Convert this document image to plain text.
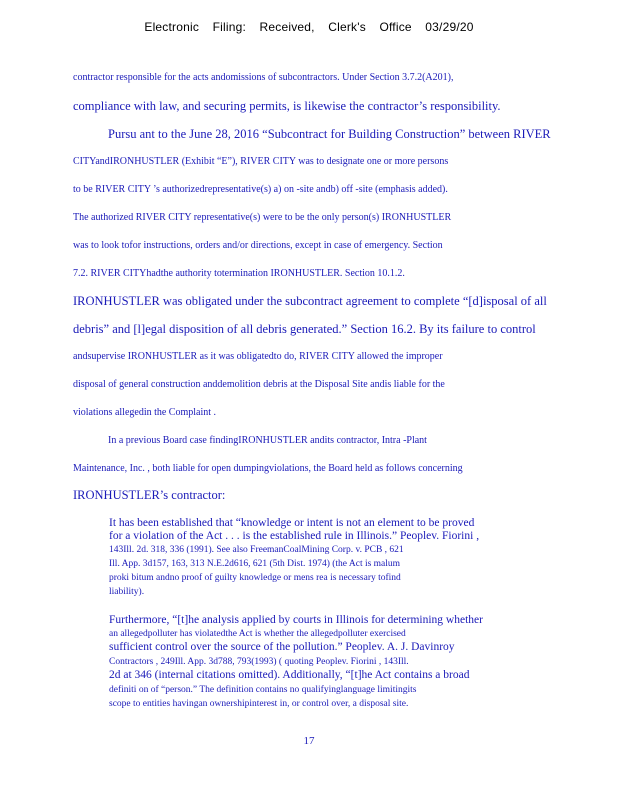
Electronic Filing: Received, Clerk's Office 03/29/20
contractor responsible for the acts andomissions of subcontractors. Under Section 3.7.2(A201),
compliance with law, and securing permits, is likewise the contractor’s responsibility.
Pursu ant to the June 28, 2016 “Subcontract for Building Construction” between RIVER
CITYandIRONHUSTLER (Exhibit “E”), RIVER CITY was to designate one or more persons
to be RIVER CITY ’s authorizedrepresentative(s) a) on -site andb) off -site (emphasis added).
The authorized RIVER CITY representative(s) were to be the only person(s) IRONHUSTLER
was to look tofor instructions, orders and/or directions, except in case of emergency. Section
7.2. RIVER CITYhadthe authority totermination IRONHUSTLER. Section 10.1.2.
IRONHUSTLER was obligated under the subcontract agreement to complete “[d]isposal of all
debris” and [l]egal disposition of all debris generated.” Section 16.2. By its failure to control
andsupervise IRONHUSTLER as it was obligatedto do, RIVER CITY allowed the improper
disposal of general construction anddemolition debris at the Disposal Site andis liable for the
violations allegedin the Complaint .
In a previous Board case findingIRONHUSTLER andits contractor, Intra -Plant
Maintenance, Inc. , both liable for open dumpingviolations, the Board held as follows concerning
IRONHUSTLER’s contractor:
It has been established that “knowledge or intent is not an element to be proved
for a violation of the Act . . . is the established rule in Illinois.” Peoplev. Fiorini ,
143Ill. 2d. 318, 336 (1991). See also FreemanCoalMining Corp. v. PCB , 621
Ill. App. 3d157, 163, 313 N.E.2d616, 621 (5th Dist. 1974) (the Act is malum
proki bitum andno proof of guilty knowledge or mens rea is necessary tofind
liability).
Furthermore, “[t]he analysis applied by courts in Illinois for determining whether
an allegedpolluter has violatedthe Act is whether the allegedpolluter exercised
sufficient control over the source of the pollution.” Peoplev. A. J. Davinroy
Contractors , 249Ill. App. 3d788, 793(1993) ( quoting Peoplev. Fiorini , 143Ill.
2d at 346 (internal citations omitted). Additionally, “[t]he Act contains a broad
definiti on of “person.” The definition contains no qualifyinglanguage limitingits
scope to entities havingan ownershipinterest in, or control over, a disposal site.
17
